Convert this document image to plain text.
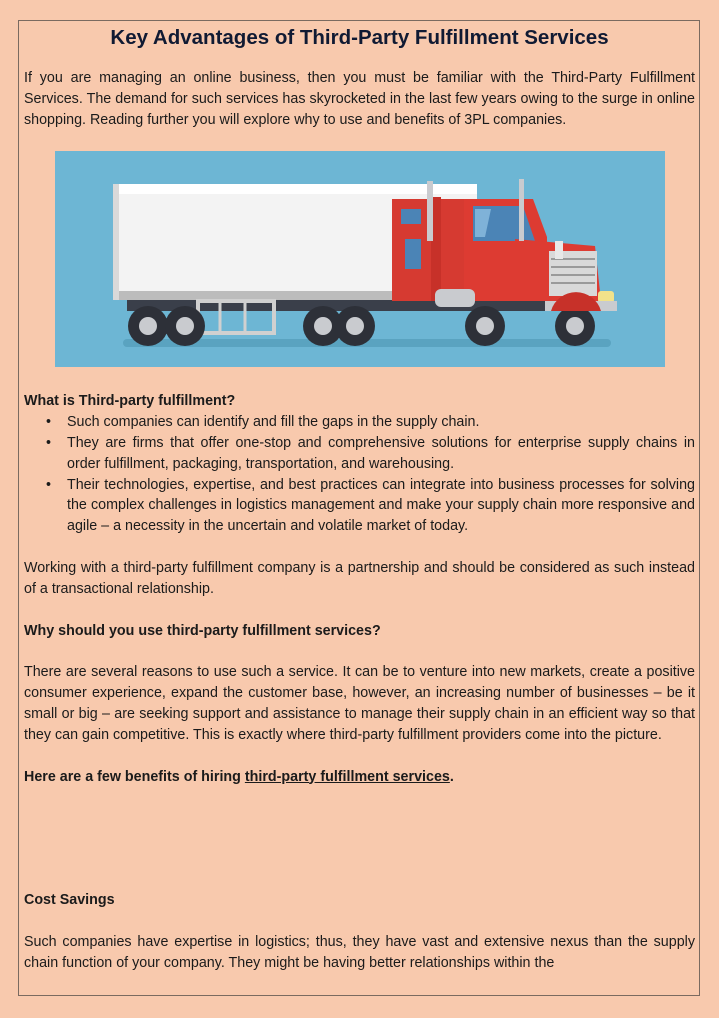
Key Advantages of Third-Party Fulfillment Services

If you are managing an online business, then you must be familiar with the Third-Party Fulfillment Services. The demand for such services has skyrocketed in the last few years owing to the surge in online shopping. Reading further you will explore why to use and benefits of 3PL companies.

What is Third-party fulfillment?

• Such companies can identify and fill the gaps in the supply chain.
• They are firms that offer one-stop and comprehensive solutions for enterprise supply chains in order fulfillment, packaging, transportation, and warehousing.
• Their technologies, expertise, and best practices can integrate into business processes for solving the complex challenges in logistics management and make your supply chain more responsive and agile – a necessity in the uncertain and volatile market of today.

Working with a third-party fulfillment company is a partnership and should be considered as such instead of a transactional relationship.

Why should you use third-party fulfillment services?

There are several reasons to use such a service. It can be to venture into new markets, create a positive consumer experience, expand the customer base, however, an increasing number of businesses – be it small or big – are seeking support and assistance to manage their supply chain in an efficient way so that they can gain competitive. This is exactly where third-party fulfillment providers come into the picture.

Here are a few benefits of hiring third-party fulfillment services.

Cost Savings

Such companies have expertise in logistics; thus, they have vast and extensive nexus than the supply chain function of your company. They might be having better relationships within the
